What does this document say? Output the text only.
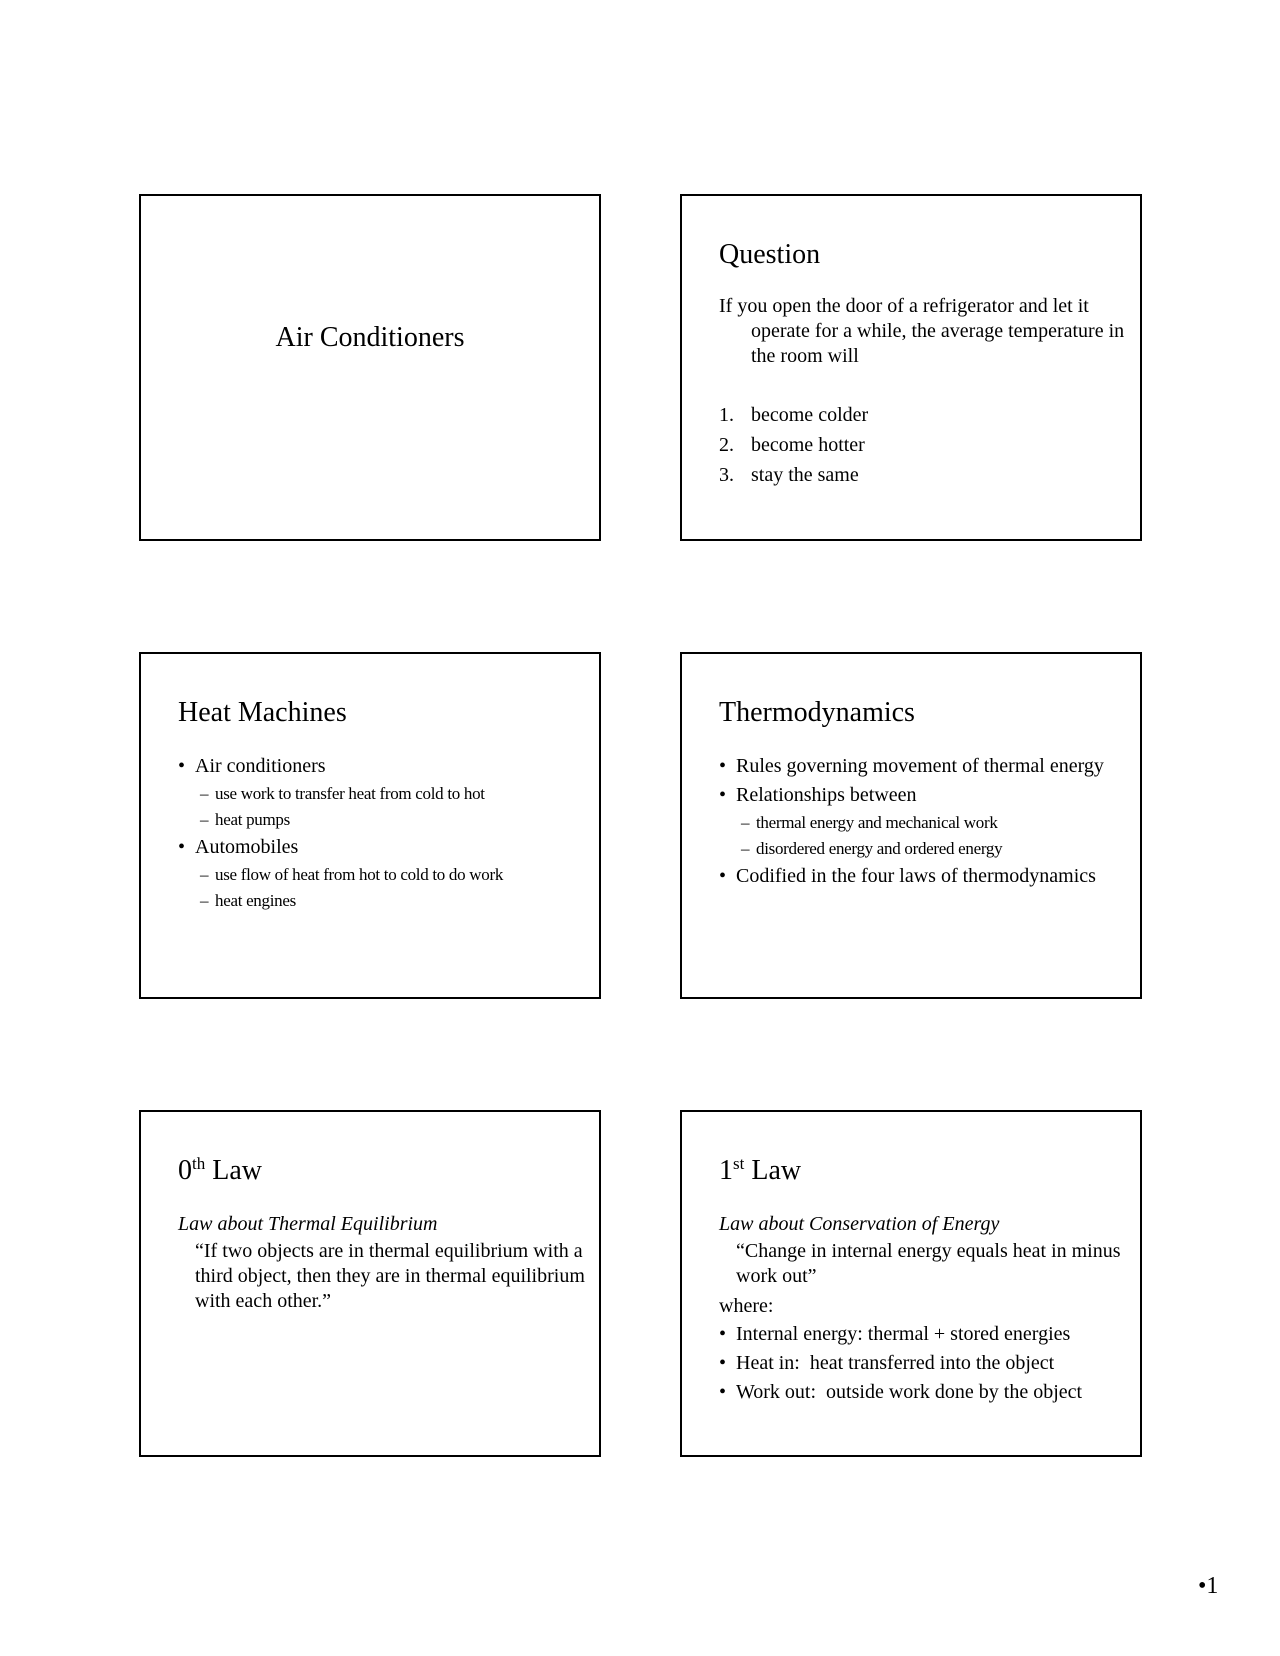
Air Conditioners
Question
If you open the door of a refrigerator and let it operate for a while, the average temperature in the room will
1. become colder
2. become hotter
3. stay the same
Heat Machines
• Air conditioners
– use work to transfer heat from cold to hot
– heat pumps
• Automobiles
– use flow of heat from hot to cold to do work
– heat engines
Thermodynamics
• Rules governing movement of thermal energy
• Relationships between
– thermal energy and mechanical work
– disordered energy and ordered energy
• Codified in the four laws of thermodynamics
0th Law
Law about Thermal Equilibrium
“If two objects are in thermal equilibrium with a third object, then they are in thermal equilibrium with each other.”
1st Law
Law about Conservation of Energy
“Change in internal energy equals heat in minus work out”
where:
• Internal energy: thermal + stored energies
• Heat in:  heat transferred into the object
• Work out:  outside work done by the object
•1
